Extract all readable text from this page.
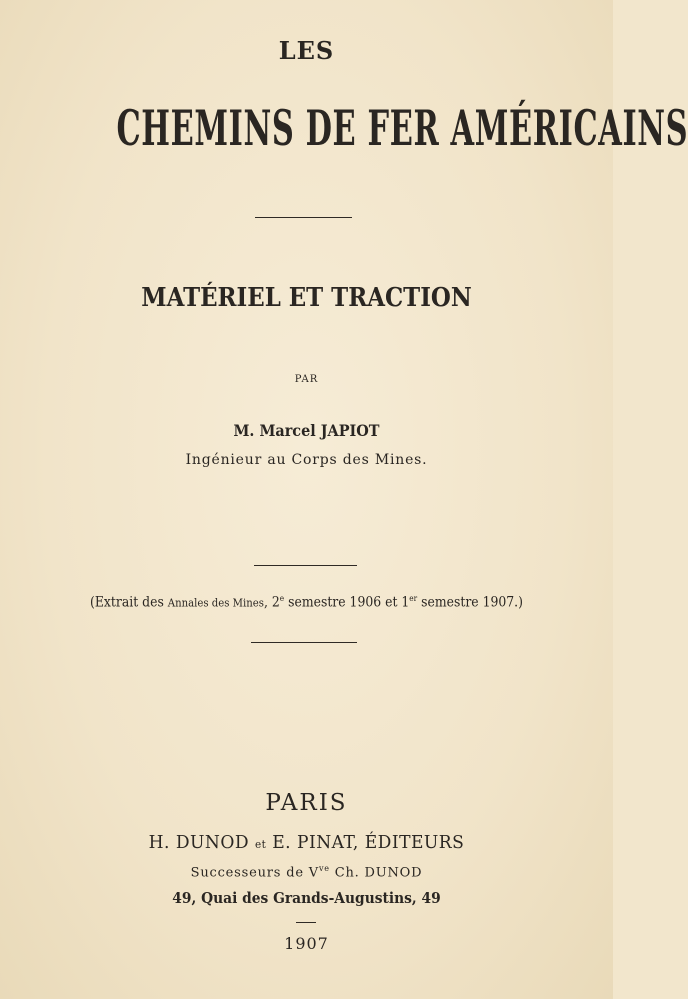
LES
CHEMINS DE FER AMÉRICAINS
MATÉRIEL ET TRACTION
PAR
M. Marcel JAPIOT
Ingénieur au Corps des Mines.
(Extrait des Annales des Mines, 2e semestre 1906 et 1er semestre 1907.)
PARIS
H. DUNOD et E. PINAT, ÉDITEURS
Successeurs de $V^{ve}$ Ch. DUNOD
49, Quai des Grands-Augustins, 49
1907
